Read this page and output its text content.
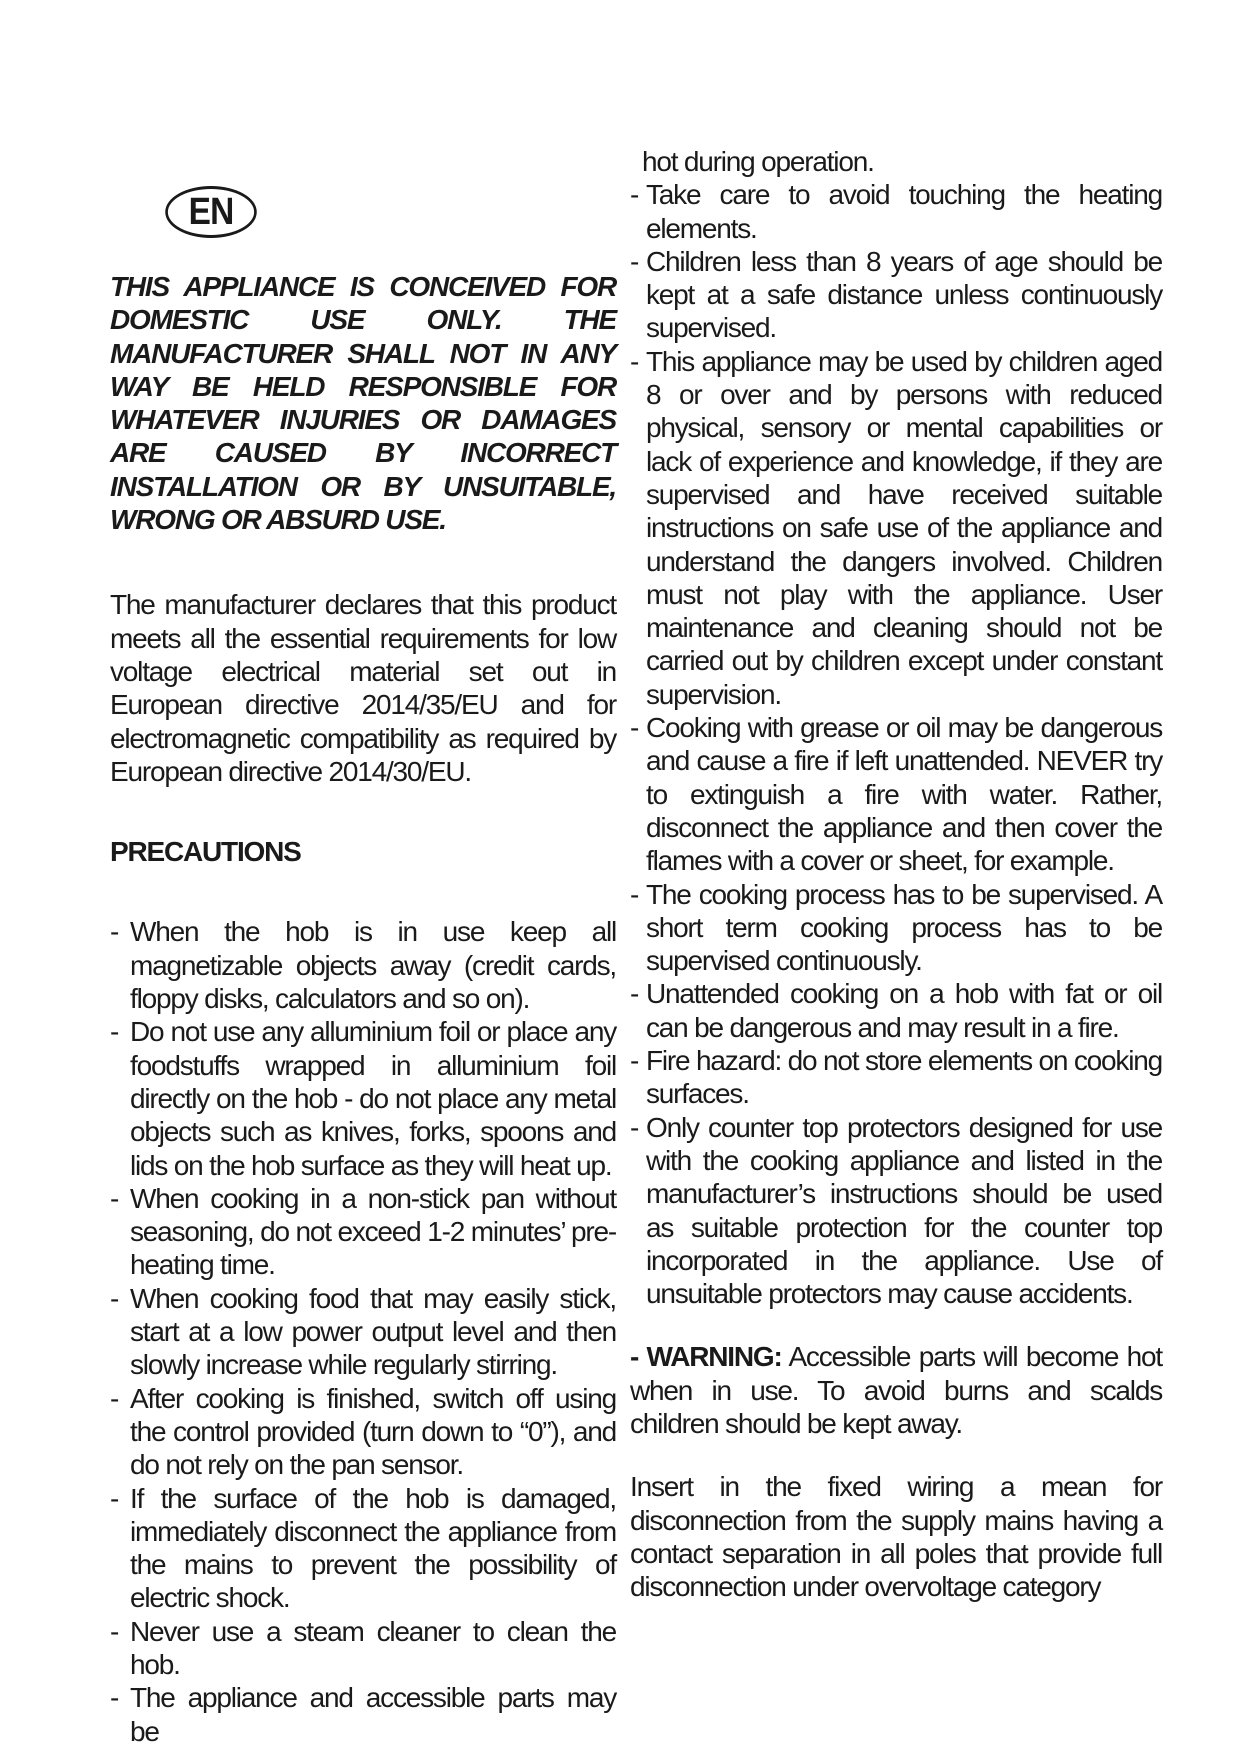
EN

THIS APPLIANCE IS CONCEIVED FOR DOMESTIC USE ONLY. THE MANUFACTURER SHALL NOT IN ANY WAY BE HELD RESPONSIBLE FOR WHATEVER INJURIES OR DAMAGES ARE CAUSED BY INCORRECT INSTALLATION OR BY UNSUITABLE, WRONG OR ABSURD USE.

The manufacturer declares that this product meets all the essential requirements for low voltage electrical material set out in European directive 2014/35/EU and for electromagnetic compatibility as required by European directive 2014/30/EU.

PRECAUTIONS

- When the hob is in use keep all magnetizable objects away (credit cards, floppy disks, calculators and so on).
- Do not use any alluminium foil or place any foodstuffs wrapped in alluminium foil directly on the hob - do not place any metal objects such as knives, forks, spoons and lids on the hob surface as they will heat up.
- When cooking in a non-stick pan without seasoning, do not exceed 1-2 minutes’ pre-heating time.
- When cooking food that may easily stick, start at a low power output level and then slowly increase while regularly stirring.
- After cooking is finished, switch off using the control provided (turn down to “0”), and do not rely on the pan sensor.
- If the surface of the hob is damaged, immediately disconnect the appliance from the mains to prevent the possibility of electric shock.
- Never use a steam cleaner to clean the hob.
- The appliance and accessible parts may be

hot during operation.

- Take care to avoid touching the heating elements.
- Children less than 8 years of age should be kept at a safe distance unless continuously supervised.
- This appliance may be used by children aged 8 or over and by persons with reduced physical, sensory or mental capabilities or lack of experience and knowledge, if they are supervised and have received suitable instructions on safe use of the appliance and understand the dangers involved. Children must not play with the appliance. User maintenance and cleaning should not be carried out by children except under constant supervision.
- Cooking with grease or oil may be dangerous and cause a fire if left unattended. NEVER try to extinguish a fire with water. Rather, disconnect the appliance and then cover the flames with a cover or sheet, for example.
- The cooking process has to be supervised. A short term cooking process has to be supervised continuously.
- Unattended cooking on a hob with fat or oil can be dangerous and may result in a fire.
- Fire hazard: do not store elements on cooking surfaces.
- Only counter top protectors designed for use with the cooking appliance and listed in the manufacturer’s instructions should be used as suitable protection for the counter top incorporated in the appliance. Use of unsuitable protectors may cause accidents.

- WARNING: Accessible parts will become hot when in use. To avoid burns and scalds children should be kept away.

Insert in the fixed wiring a mean for disconnection from the supply mains having a contact separation in all poles that provide full disconnection under overvoltage category
